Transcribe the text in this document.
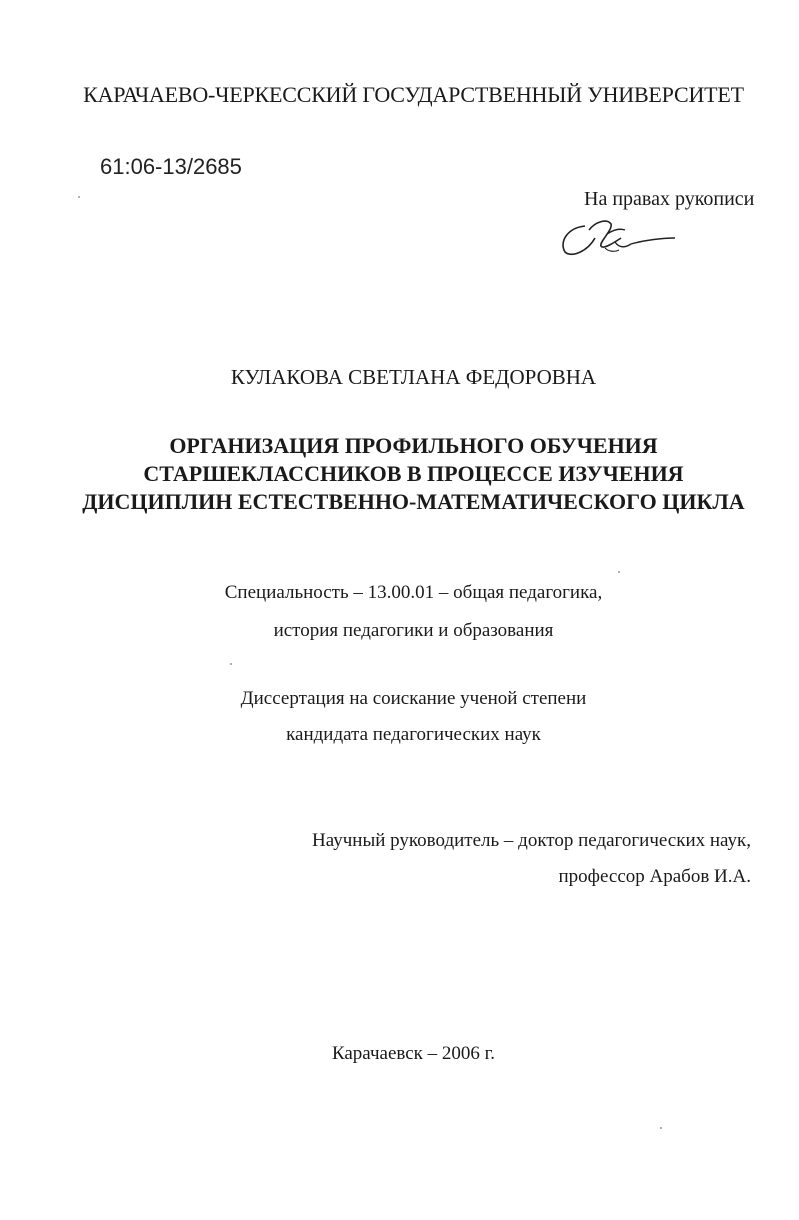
КАРАЧАЕВО-ЧЕРКЕССКИЙ ГОСУДАРСТВЕННЫЙ УНИВЕРСИТЕТ
61:06-13/2685
На правах рукописи
КУЛАКОВА СВЕТЛАНА ФЕДОРОВНА
ОРГАНИЗАЦИЯ ПРОФИЛЬНОГО ОБУЧЕНИЯ
СТАРШЕКЛАССНИКОВ В ПРОЦЕССЕ ИЗУЧЕНИЯ
ДИСЦИПЛИН ЕСТЕСТВЕННО-МАТЕМАТИЧЕСКОГО ЦИКЛА
Специальность – 13.00.01 – общая педагогика,
история педагогики и образования
Диссертация на соискание ученой степени
кандидата педагогических наук
Научный руководитель – доктор педагогических наук,
профессор Арабов И.А.
Карачаевск – 2006 г.
